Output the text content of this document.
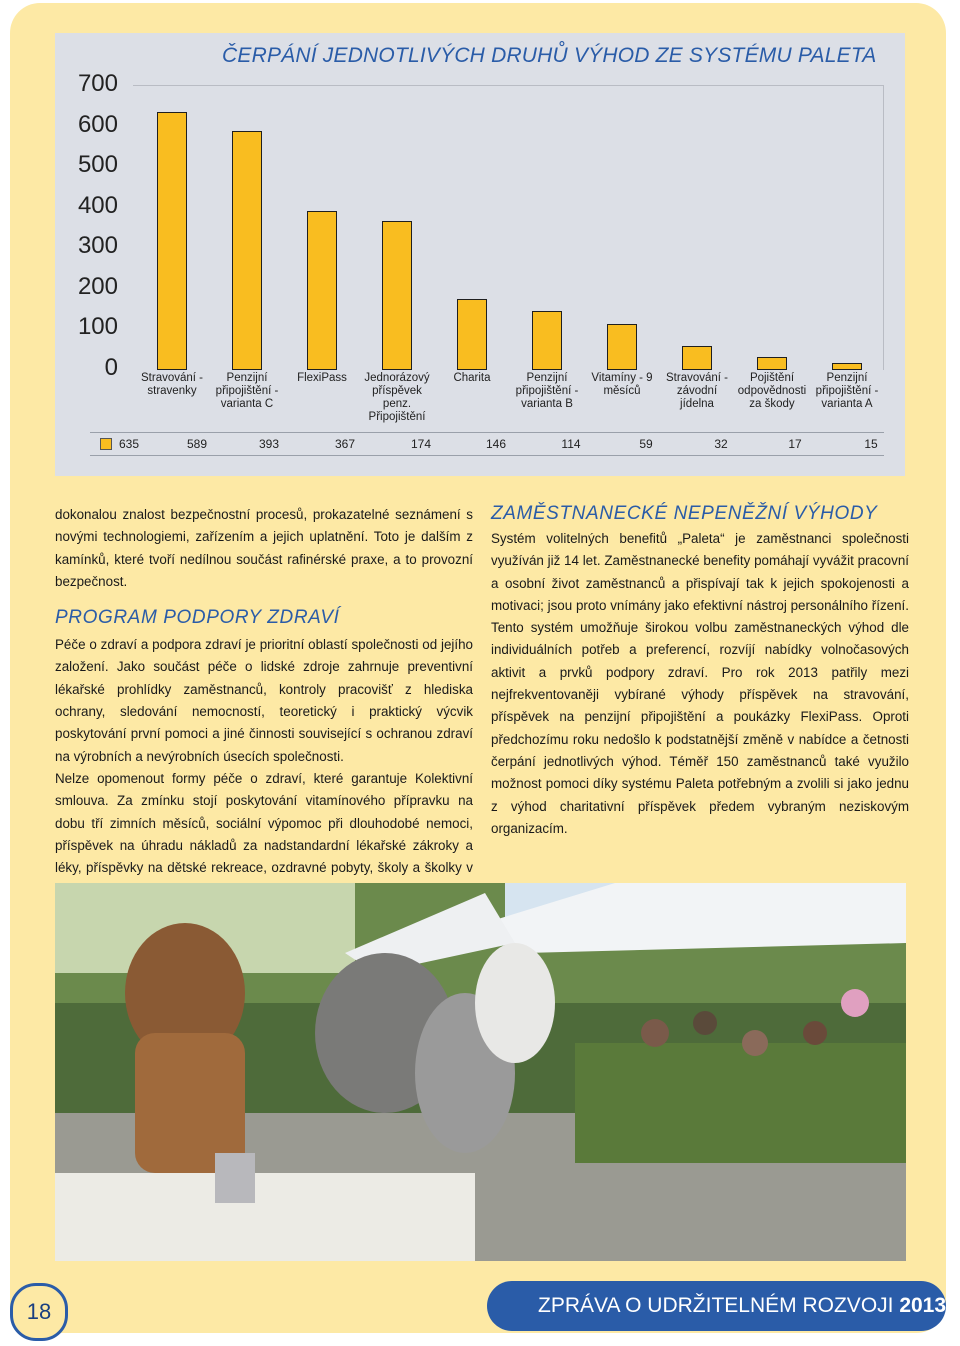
ČERPÁNÍ JEDNOTLIVÝCH DRUHŮ VÝHOD ZE SYSTÉMU PALETA
700
600
500
400
300
200
100
0	Stravování - stravenky
Penzijní připojištění - varianta C
FlexiPass	Jednorázový příspěvek penz. Připojištění
Charita	Penzijní připojištění - varianta B
Vitamíny - 9 měsíců
Stravování - závodní jídelna
Pojištění odpovědnosti za škody
Penzijní připojištění - varianta A
635	589	393	367	174	146	114	59	32	17	15

dokonalou znalost bezpečnostní procesů, prokazatelné seznámení s novými technologiemi, zařízením a jejich uplatnění. Toto je dalším z kamínků, které tvoří nedílnou součást rafinérské praxe, a to provozní bezpečnost.

PROGRAM PODPORY ZDRAVÍ

Péče o zdraví a podpora zdraví je prioritní oblastí společnosti od jejího založení. Jako součást péče o lidské zdroje zahrnuje preventivní lékařské prohlídky zaměstnanců, kontroly pracovišť z hlediska ochrany, sledování nemocností, teoretický i praktický výcvik poskytování první pomoci a jiné činnosti související s ochranou zdraví na výrobních a nevýrobních úsecích společnosti.

Nelze opomenout formy péče o zdraví, které garantuje Kolektivní smlouva. Za zmínku stojí poskytování vitamínového přípravku na dobu tří zimních měsíců, sociální výpomoc při dlouhodobé nemoci, příspěvek na úhradu nákladů za nadstandardní lékařské zákroky a léky, příspěvky na dětské rekreace, ozdravné pobyty, školy a školky v

ZAMĚSTNANECKÉ NEPENĚŽNÍ VÝHODY

Systém volitelných benefitů „Paleta“ je zaměstnanci společnosti využíván již 14 let. Zaměstnanecké benefity pomáhají vyvážit pracovní a osobní život zaměstnanců a přispívají tak k jejich spokojenosti a motivaci; jsou proto vnímány jako efektivní nástroj personálního řízení. Tento systém umožňuje širokou volbu zaměstnaneckých výhod dle individuálních potřeb a preferencí, rozvíjí nabídky volnočasových aktivit a prvků podpory zdraví. Pro rok 2013 patřily mezi nejfrekventovaněji vybírané výhody příspěvek na stravování, příspěvek na penzijní připojištění a poukázky FlexiPass. Oproti předchozímu roku nedošlo k podstatnější změně v nabídce a četnosti čerpání jednotlivých výhod. Téměř 150 zaměstnanců také využilo možnost pomoci díky systému Paleta potřebným a zvolili si jako jednu z výhod charitativní příspěvek předem vybraným neziskovým organizacím.

18	ZPRÁVA O UDRŽITELNÉM ROZVOJI 2013
